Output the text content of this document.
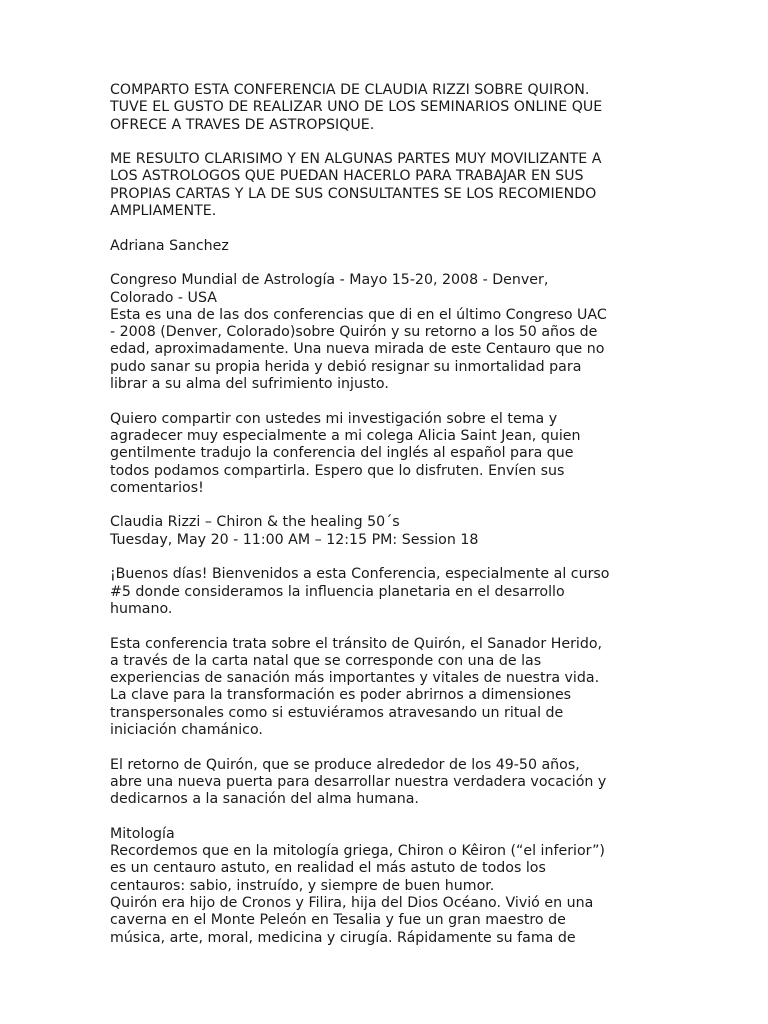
COMPARTO ESTA CONFERENCIA DE CLAUDIA RIZZI SOBRE QUIRON.
TUVE EL GUSTO DE REALIZAR UNO DE LOS SEMINARIOS ONLINE QUE
OFRECE A TRAVES DE ASTROPSIQUE.
ME RESULTO CLARISIMO Y EN ALGUNAS PARTES MUY MOVILIZANTE A
LOS ASTROLOGOS QUE PUEDAN HACERLO PARA TRABAJAR EN SUS
PROPIAS CARTAS Y LA DE SUS CONSULTANTES SE LOS RECOMIENDO
AMPLIAMENTE.
Adriana Sanchez
Congreso Mundial de Astrología - Mayo 15-20, 2008 - Denver,
Colorado - USA
Esta es una de las dos conferencias que di en el último Congreso UAC
- 2008 (Denver, Colorado)sobre Quirón y su retorno a los 50 años de
edad, aproximadamente. Una nueva mirada de este Centauro que no
pudo sanar su propia herida y debió resignar su inmortalidad para
librar a su alma del sufrimiento injusto.
Quiero compartir con ustedes mi investigación sobre el tema y
agradecer muy especialmente a mi colega Alicia Saint Jean, quien
gentilmente tradujo la conferencia del inglés al español para que
todos podamos compartirla. Espero que lo disfruten. Envíen sus
comentarios!
Claudia Rizzi – Chiron & the healing 50´s
Tuesday, May 20 - 11:00 AM – 12:15 PM: Session 18
¡Buenos días! Bienvenidos a esta Conferencia, especialmente al curso
#5 donde consideramos la influencia planetaria en el desarrollo
humano.
Esta conferencia trata sobre el tránsito de Quirón, el Sanador Herido,
a través de la carta natal que se corresponde con una de las
experiencias de sanación más importantes y vitales de nuestra vida.
La clave para la transformación es poder abrirnos a dimensiones
transpersonales como si estuviéramos atravesando un ritual de
iniciación chamánico.
El retorno de Quirón, que se produce alrededor de los 49-50 años,
abre una nueva puerta para desarrollar nuestra verdadera vocación y
dedicarnos a la sanación del alma humana.
Mitología
Recordemos que en la mitología griega, Chiron o Kêiron (“el inferior”)
es un centauro astuto, en realidad el más astuto de todos los
centauros: sabio, instruído, y siempre de buen humor.
Quirón era hijo de Cronos y Filira, hija del Dios Océano. Vivió en una
caverna en el Monte Peleón en Tesalia y fue un gran maestro de
música, arte, moral, medicina y cirugía. Rápidamente su fama de
